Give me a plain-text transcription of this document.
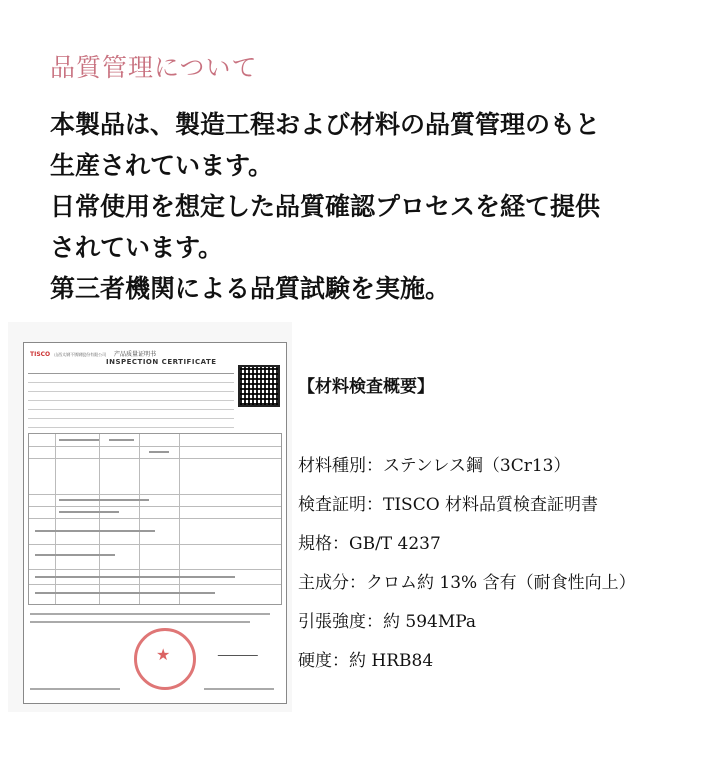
品質管理について
本製品は、製造工程および材料の品質管理のもと
生産されています。
日常使用を想定した品質確認プロセスを経て提供
されています。
第三者機関による品質試験を実施。
TISCO 山西太钢不锈钢股份有限公司 产品质量证明书
INSPECTION CERTIFICATE
★
【材料検査概要】
材料種別：ステンレス鋼（3Cr13）
検査証明：TISCO 材料品質検査証明書
規格：GB/T 4237
主成分：クロム約 13% 含有（耐食性向上）
引張強度：約 594MPa
硬度：約 HRB84
